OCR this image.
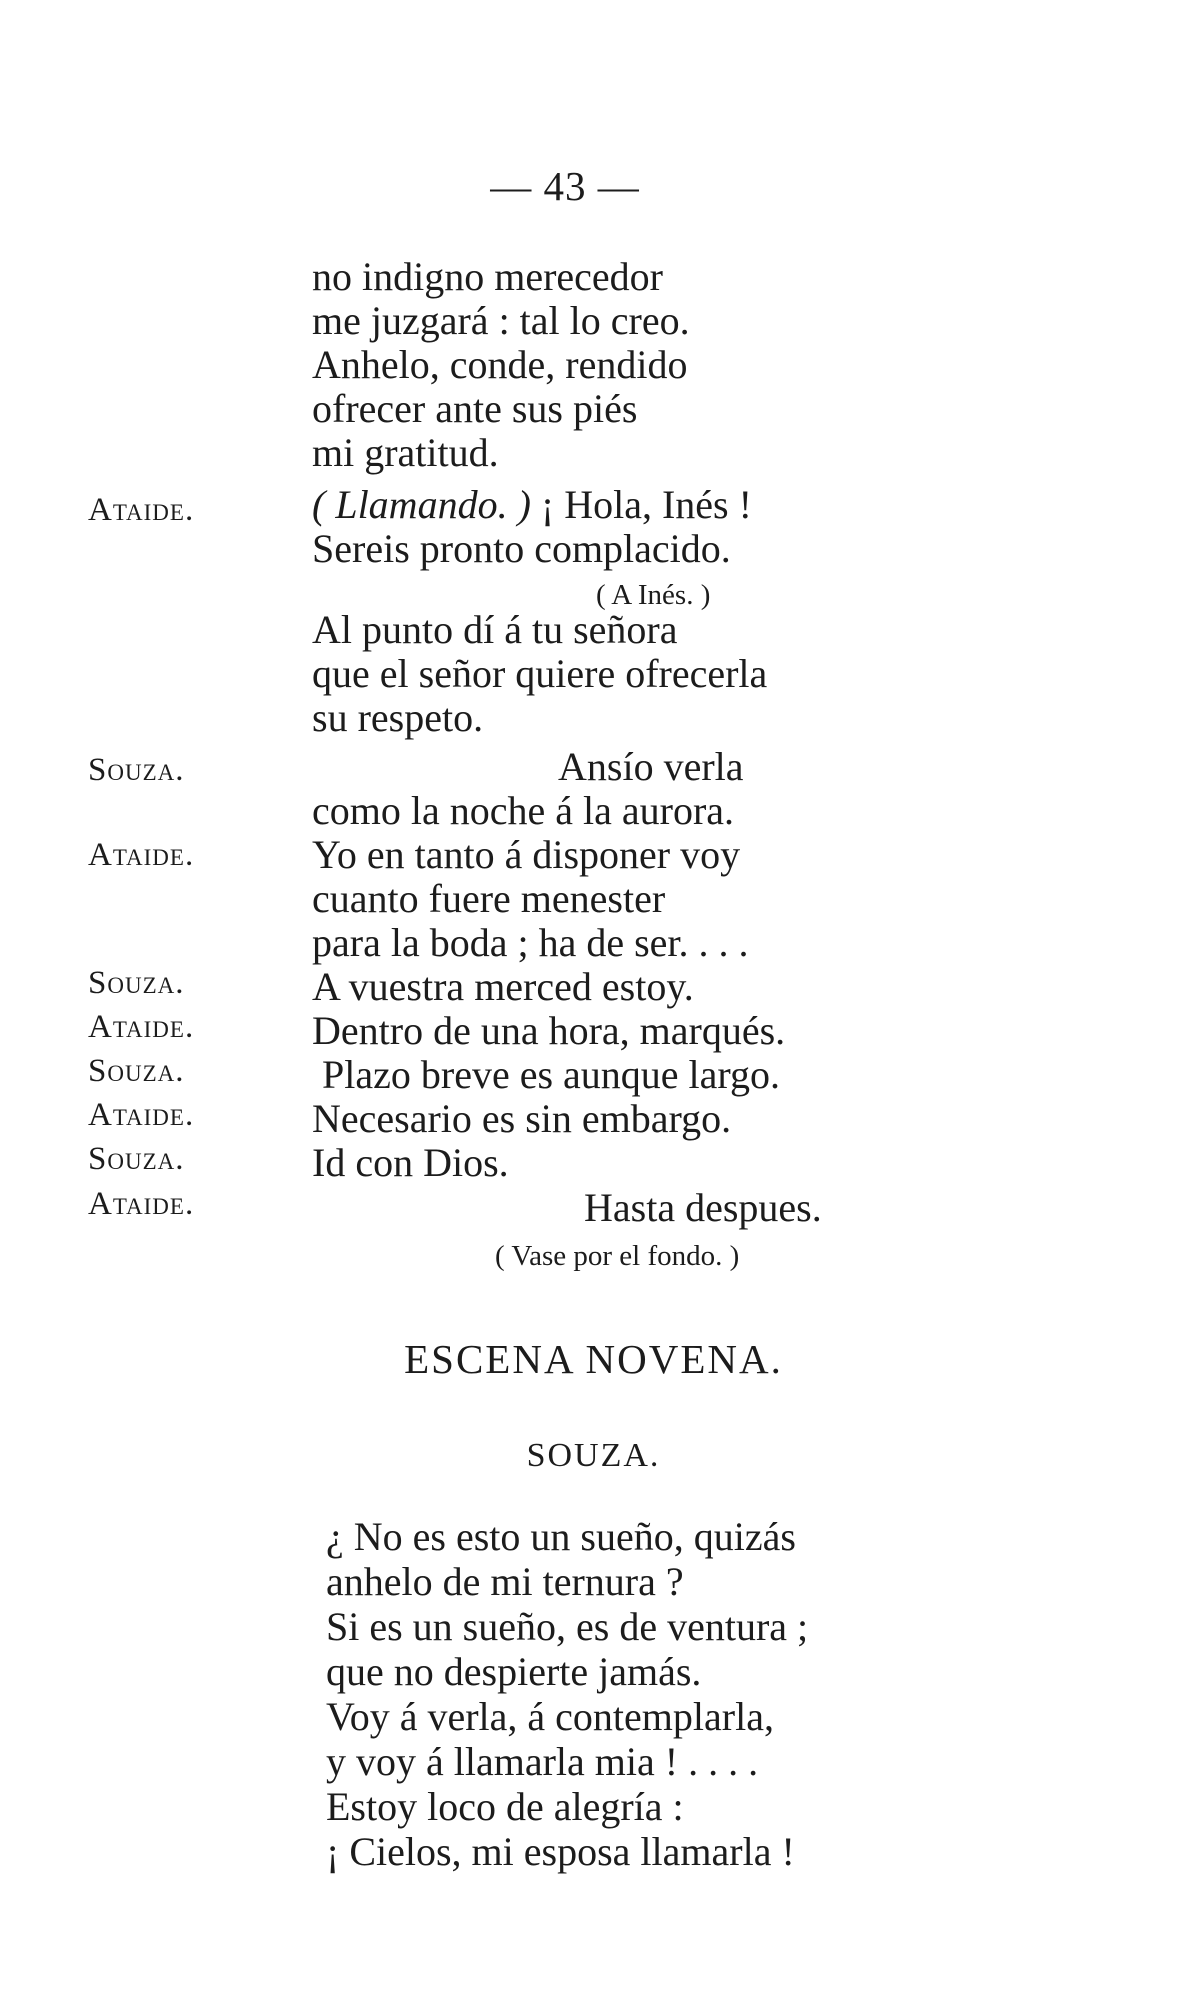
— 43 —
Ataide.
Souza.
Ataide.
Souza.
Ataide.
Souza.
Ataide.
Souza.
Ataide.
no indigno merecedor
me juzgará : tal lo creo.
Anhelo, conde, rendido
ofrecer ante sus piés
mi gratitud.
( Llamando. ) ¡ Hola, Inés !
Sereis pronto complacido.
( A Inés. )
Al punto dí á tu señora
que el señor quiere ofrecerla
su respeto.
Ansío verla
como la noche á la aurora.
Yo en tanto á disponer voy
cuanto fuere menester
para la boda ; ha de ser. . . .
A vuestra merced estoy.
Dentro de una hora, marqués.
Plazo breve es aunque largo.
Necesario es sin embargo.
Id con Dios.
Hasta despues.
( Vase por el fondo. )
ESCENA NOVENA.
SOUZA.
¿ No es esto un sueño, quizás
anhelo de mi ternura ?
Si es un sueño, es de ventura ;
que no despierte jamás.
Voy á verla, á contemplarla,
y voy á llamarla mia ! . . . .
Estoy loco de alegría :
¡ Cielos, mi esposa llamarla !
